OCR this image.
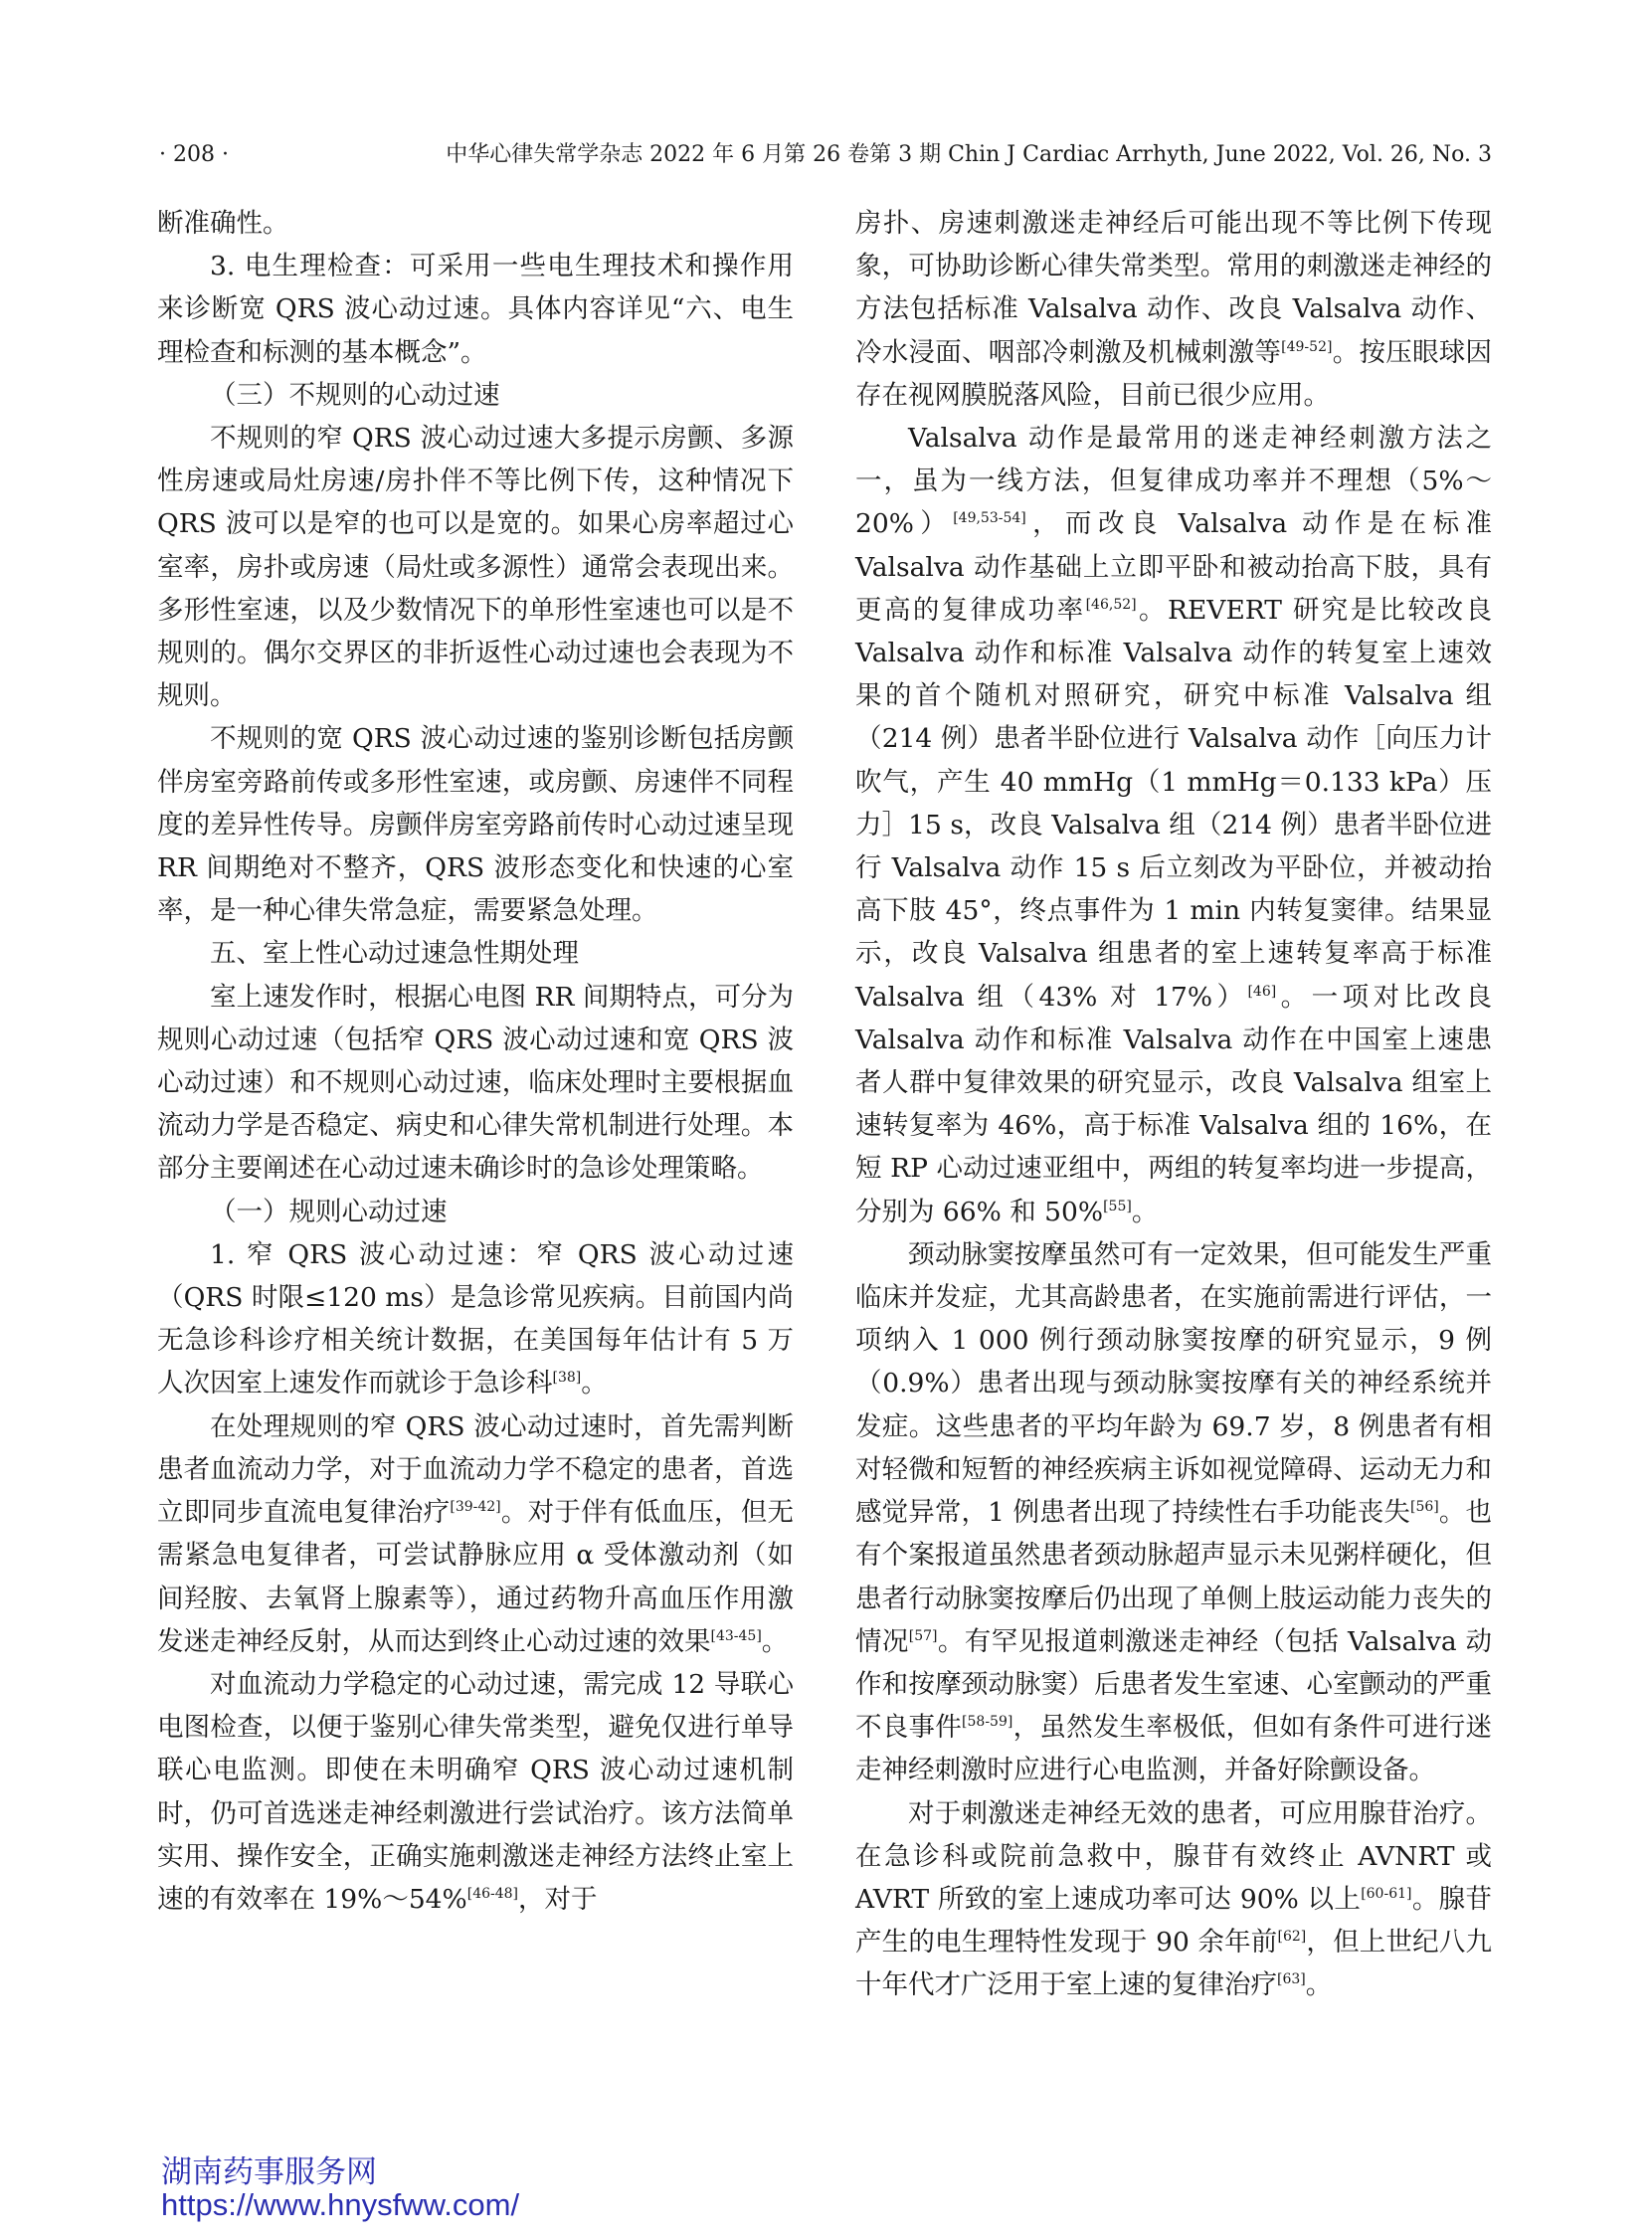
· 208 ·	中华心律失常学杂志 2022 年 6 月第 26 卷第 3 期 Chin J Cardiac Arrhyth, June 2022, Vol. 26, No. 3

断准确性。

3. 电生理检查：可采用一些电生理技术和操作用来诊断宽 QRS 波心动过速。具体内容详见“六、电生理检查和标测的基本概念”。

（三）不规则的心动过速

不规则的窄 QRS 波心动过速大多提示房颤、多源性房速或局灶房速/房扑伴不等比例下传，这种情况下 QRS 波可以是窄的也可以是宽的。如果心房率超过心室率，房扑或房速（局灶或多源性）通常会表现出来。多形性室速，以及少数情况下的单形性室速也可以是不规则的。偶尔交界区的非折返性心动过速也会表现为不规则。

不规则的宽 QRS 波心动过速的鉴别诊断包括房颤伴房室旁路前传或多形性室速，或房颤、房速伴不同程度的差异性传导。房颤伴房室旁路前传时心动过速呈现 RR 间期绝对不整齐，QRS 波形态变化和快速的心室率，是一种心律失常急症，需要紧急处理。

五、室上性心动过速急性期处理

室上速发作时，根据心电图 RR 间期特点，可分为规则心动过速（包括窄 QRS 波心动过速和宽 QRS 波心动过速）和不规则心动过速，临床处理时主要根据血流动力学是否稳定、病史和心律失常机制进行处理。本部分主要阐述在心动过速未确诊时的急诊处理策略。

（一）规则心动过速

1. 窄 QRS 波心动过速：窄 QRS 波心动过速（QRS 时限≤120 ms）是急诊常见疾病。目前国内尚无急诊科诊疗相关统计数据，在美国每年估计有 5 万人次因室上速发作而就诊于急诊科[38]。

在处理规则的窄 QRS 波心动过速时，首先需判断患者血流动力学，对于血流动力学不稳定的患者，首选立即同步直流电复律治疗[39-42]。对于伴有低血压，但无需紧急电复律者，可尝试静脉应用 α 受体激动剂（如间羟胺、去氧肾上腺素等），通过药物升高血压作用激发迷走神经反射，从而达到终止心动过速的效果[43-45]。

对血流动力学稳定的心动过速，需完成 12 导联心电图检查，以便于鉴别心律失常类型，避免仅进行单导联心电监测。即使在未明确窄 QRS 波心动过速机制时，仍可首选迷走神经刺激进行尝试治疗。该方法简单实用、操作安全，正确实施刺激迷走神经方法终止室上速的有效率在 19%～54%[46-48]，对于

房扑、房速刺激迷走神经后可能出现不等比例下传现象，可协助诊断心律失常类型。常用的刺激迷走神经的方法包括标准 Valsalva 动作、改良 Valsalva 动作、冷水浸面、咽部冷刺激及机械刺激等[49-52]。按压眼球因存在视网膜脱落风险，目前已很少应用。

Valsalva 动作是最常用的迷走神经刺激方法之一，虽为一线方法，但复律成功率并不理想（5%～20%）[49,53-54]，而改良 Valsalva 动作是在标准 Valsalva 动作基础上立即平卧和被动抬高下肢，具有更高的复律成功率[46,52]。REVERT 研究是比较改良 Valsalva 动作和标准 Valsalva 动作的转复室上速效果的首个随机对照研究，研究中标准 Valsalva 组（214 例）患者半卧位进行 Valsalva 动作［向压力计吹气，产生 40 mmHg（1 mmHg＝0.133 kPa）压力］15 s，改良 Valsalva 组（214 例）患者半卧位进行 Valsalva 动作 15 s 后立刻改为平卧位，并被动抬高下肢 45°，终点事件为 1 min 内转复窦律。结果显示，改良 Valsalva 组患者的室上速转复率高于标准 Valsalva 组（43% 对 17%）[46]。一项对比改良 Valsalva 动作和标准 Valsalva 动作在中国室上速患者人群中复律效果的研究显示，改良 Valsalva 组室上速转复率为 46%，高于标准 Valsalva 组的 16%，在短 RP 心动过速亚组中，两组的转复率均进一步提高，分别为 66% 和 50%[55]。

颈动脉窦按摩虽然可有一定效果，但可能发生严重临床并发症，尤其高龄患者，在实施前需进行评估，一项纳入 1 000 例行颈动脉窦按摩的研究显示，9 例（0.9%）患者出现与颈动脉窦按摩有关的神经系统并发症。这些患者的平均年龄为 69.7 岁，8 例患者有相对轻微和短暂的神经疾病主诉如视觉障碍、运动无力和感觉异常，1 例患者出现了持续性右手功能丧失[56]。也有个案报道虽然患者颈动脉超声显示未见粥样硬化，但患者行动脉窦按摩后仍出现了单侧上肢运动能力丧失的情况[57]。有罕见报道刺激迷走神经（包括 Valsalva 动作和按摩颈动脉窦）后患者发生室速、心室颤动的严重不良事件[58-59]，虽然发生率极低，但如有条件可进行迷走神经刺激时应进行心电监测，并备好除颤设备。

对于刺激迷走神经无效的患者，可应用腺苷治疗。在急诊科或院前急救中，腺苷有效终止 AVNRT 或 AVRT 所致的室上速成功率可达 90% 以上[60-61]。腺苷产生的电生理特性发现于 90 余年前[62]，但上世纪八九十年代才广泛用于室上速的复律治疗[63]。

湖南药事服务网
https://www.hnysfww.com/
